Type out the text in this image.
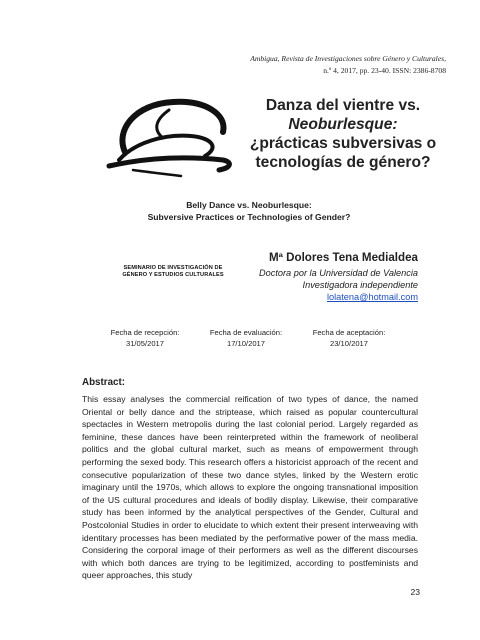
Ambigua, Revista de Investigaciones sobre Género y Culturales,
n.º 4, 2017, pp. 23-40. ISSN: 2386-8708
SEMINARIO DE INVESTIGACIÓN DE
GÉNERO Y ESTUDIOS CULTURALES
Danza del vientre vs.
Neoburlesque:
¿prácticas subversivas o
tecnologías de género?
Belly Dance vs. Neoburlesque:
Subversive Practices or Technologies of Gender?
Mª Dolores Tena Medialdea
Doctora por la Universidad de Valencia
Investigadora independiente
lolatena@hotmail.com
Fecha de recepción:
31/05/2017
Fecha de evaluación:
17/10/2017
Fecha de aceptación:
23/10/2017
Abstract:
This essay analyses the commercial reification of two types of dance, the named Oriental or belly dance and the striptease, which raised as popular countercultural spectacles in Western metropolis during the last colonial period. Largely regarded as feminine, these dances have been reinterpreted within the framework of neoliberal politics and the global cultural market, such as means of empowerment through performing the sexed body. This research offers a historicist approach of the recent and consecutive popularization of these two dance styles, linked by the Western erotic imaginary until the 1970s, which allows to explore the ongoing transnational imposition of the US cultural procedures and ideals of bodily display. Likewise, their comparative study has been informed by the analytical perspectives of the Gender, Cultural and Postcolonial Studies in order to elucidate to which extent their present interweaving with identitary processes has been mediated by the performative power of the mass media. Considering the corporal image of their performers as well as the different discourses with which both dances are trying to be legitimized, according to postfeminists and queer approaches, this study
23
